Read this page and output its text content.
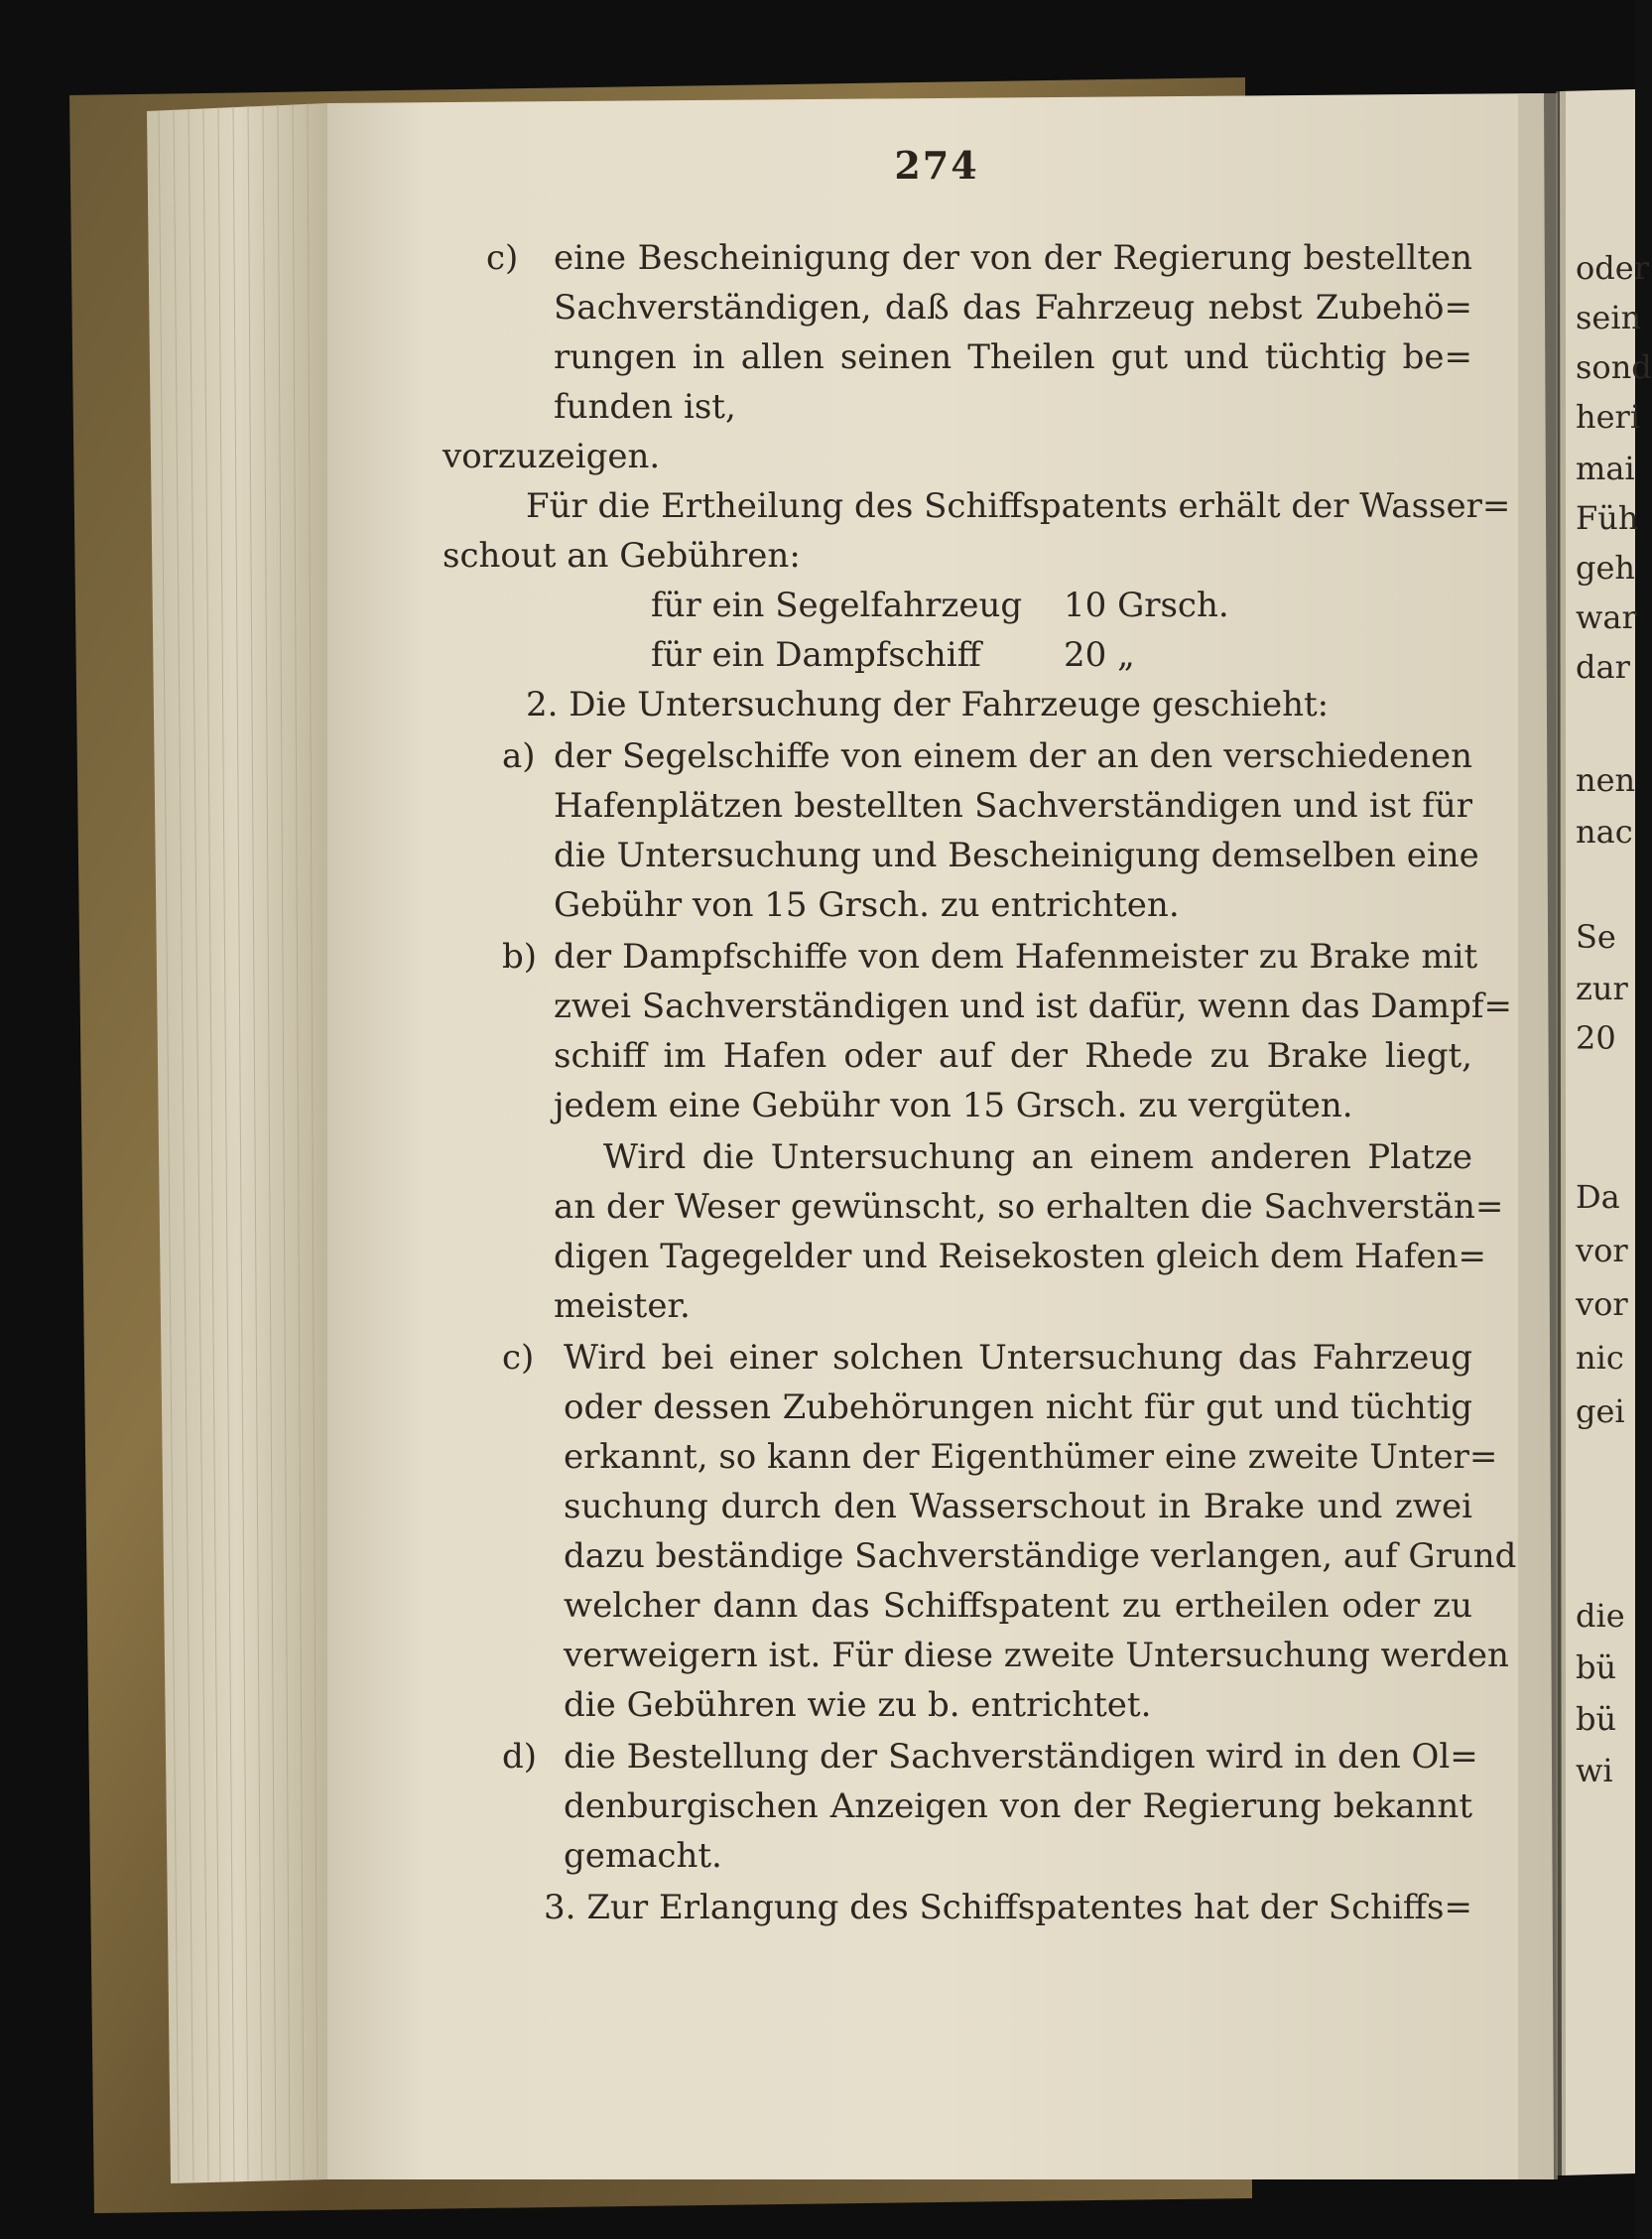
274
c) eine Bescheinigung der von der Regierung bestellten
Sachverständigen, daß das Fahrzeug nebst Zubehö=
rungen in allen seinen Theilen gut und tüchtig be=
funden ist,
vorzuzeigen.
Für die Ertheilung des Schiffspatents erhält der Wasser=
schout an Gebühren:
für ein Segelfahrzeug 10 Grsch.
für ein Dampfschiff 20 „
2. Die Untersuchung der Fahrzeuge geschieht:
a) der Segelschiffe von einem der an den verschiedenen
Hafenplätzen bestellten Sachverständigen und ist für
die Untersuchung und Bescheinigung demselben eine
Gebühr von 15 Grsch. zu entrichten.
b) der Dampfschiffe von dem Hafenmeister zu Brake mit
zwei Sachverständigen und ist dafür, wenn das Dampf=
schiff im Hafen oder auf der Rhede zu Brake liegt,
jedem eine Gebühr von 15 Grsch. zu vergüten.
Wird die Untersuchung an einem anderen Platze
an der Weser gewünscht, so erhalten die Sachverstän=
digen Tagegelder und Reisekosten gleich dem Hafen=
meister.
c) Wird bei einer solchen Untersuchung das Fahrzeug
oder dessen Zubehörungen nicht für gut und tüchtig
erkannt, so kann der Eigenthümer eine zweite Unter=
suchung durch den Wasserschout in Brake und zwei
dazu beständige Sachverständige verlangen, auf Grund
welcher dann das Schiffspatent zu ertheilen oder zu
verweigern ist. Für diese zweite Untersuchung werden
die Gebühren wie zu b. entrichtet.
d) die Bestellung der Sachverständigen wird in den Ol=
denburgischen Anzeigen von der Regierung bekannt
gemacht.
3. Zur Erlangung des Schiffspatentes hat der Schiffs=
oder
sein
sond
heri
mai
Füh
geh
war
dar
nen
nac
Se
zur
20
Da
vor
vor
nic
gei
die
bü
bü
wi
